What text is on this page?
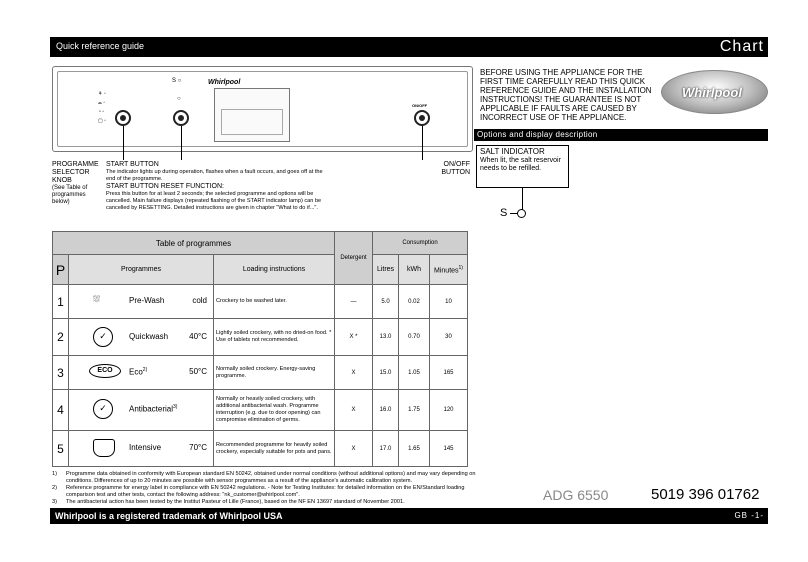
Quick reference guide	Chart
S ○	Whirlpool
⚘ ▫
⌓ ▫
◔ ▫
▢ ▫
○
ON/OFF
PROGRAMME SELECTOR KNOB
(See Table of programmes below)
START BUTTON
The indicator lights up during operation, flashes when a fault occurs, and goes off at the end of the programme.
START BUTTON RESET FUNCTION:
Press this button for at least 2 seconds; the selected programme and options will be cancelled. Main failure displays (repeated flashing of the START indicator lamp) can be cancelled by RESETTING. Detailed instructions are given in chapter "What to do if...".
ON/OFF BUTTON
BEFORE USING THE APPLIANCE FOR THE FIRST TIME CAREFULLY READ THIS QUICK REFERENCE GUIDE AND THE INSTALLATION INSTRUCTIONS! THE GUARANTEE IS NOT APPLICABLE IF FAULTS ARE CAUSED BY INCORRECT USE OF THE APPLIANCE.
Whirlpool
Options and display description
SALT INDICATOR
When lit, the salt reservoir needs to be refilled.
S
Table of programmes			Detergent	Consumption		
P	Programmes	Loading instructions		Litres	kWh	Minutes$^{1)}$
1	⛆ Pre-Wash cold	Crockery to be washed later.	—	5.0	0.02	10
2	✓ Quickwash 40°C	Lightly soiled crockery, with no dried-on food. * Use of tablets not recommended.	X *	13.0	0.70	30
3	ECO Eco$^{2)}$ 50°C	Normally soiled crockery. Energy-saving programme.	X	15.0	1.05	165
4	✓ Antibacterial$^{3)}$	Normally or heavily soiled crockery, with additional antibacterial wash. Programme interruption (e.g. due to door opening) can compromise elimination of germs.	X	16.0	1.75	120
5	Intensive 70°C	Recommended programme for heavily soiled crockery, especially suitable for pots and pans.	X	17.0	1.65	145
1)	Programme data obtained in conformity with European standard EN 50242, obtained under normal conditions (without additional options) and may vary depending on conditions. Differences of up to 20 minutes are possible with sensor programmes as a result of the appliance's automatic calibration system.
2)	Reference programme for energy label in compliance with EN 50242 regulations. - Note for Testing Institutes: for detailed information on the EN/Standard loading comparison test and other tests, contact the following address: "nk_customer@whirlpool.com".
3)	The antibacterial action has been tested by the Institut Pasteur of Lille (France), based on the NF EN 13697 standard of November 2001.	ADG 6550	5019 396 01762
Whirlpool is a registered trademark of Whirlpool USA	GB -1-
